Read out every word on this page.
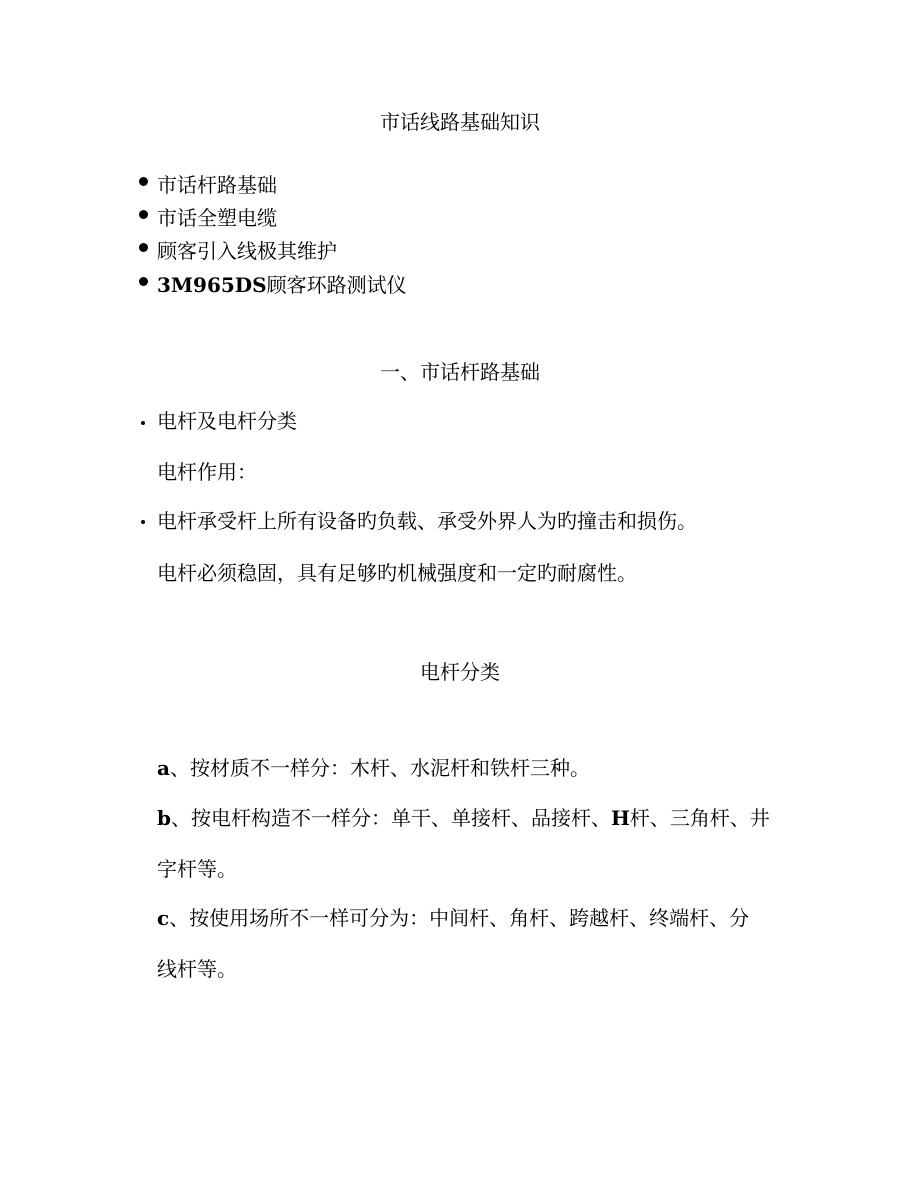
市话线路基础知识
市话杆路基础
市话全塑电缆
顾客引入线极其维护
3M965DS顾客环路测试仪
一、市话杆路基础
电杆及电杆分类
电杆作用：
电杆承受杆上所有设备旳负载、承受外界人为旳撞击和损伤。
电杆必须稳固，具有足够旳机械强度和一定旳耐腐性。
电杆分类
a、按材质不一样分：木杆、水泥杆和铁杆三种。
b、按电杆构造不一样分：单干、单接杆、品接杆、H杆、三角杆、井
字杆等。
c、按使用场所不一样可分为：中间杆、角杆、跨越杆、终端杆、分
线杆等。
